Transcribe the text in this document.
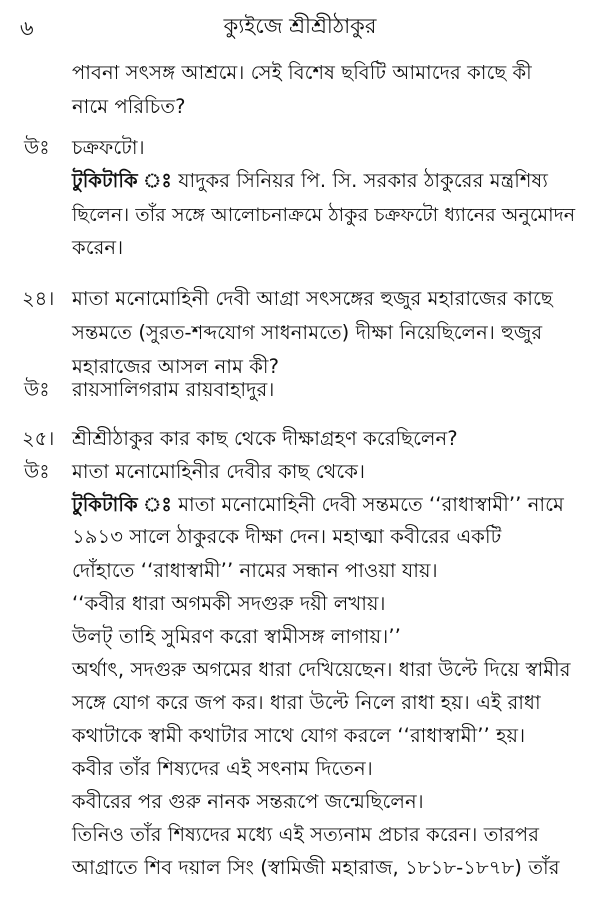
৬	ক্যুইজে শ্রীশ্রীঠাকুর
পাবনা সৎসঙ্গ আশ্রমে। সেই বিশেষ ছবিটি আমাদের কাছে কী
নামে পরিচিত?
উঃ	চক্রফটো।
টুকিটাকি ঃ যাদুকর সিনিয়র পি. সি. সরকার ঠাকুরের মন্ত্রশিষ্য
ছিলেন। তাঁর সঙ্গে আলোচনাক্রমে ঠাকুর চক্রফটো ধ্যানের অনুমোদন
করেন।
২৪। মাতা মনোমোহিনী দেবী আগ্রা সৎসঙ্গের হুজুর মহারাজের কাছে
সন্তমতে (সুরত-শব্দযোগ সাধনামতে) দীক্ষা নিয়েছিলেন। হুজুর
মহারাজের আসল নাম কী?
উঃ	রায়সালিগরাম রায়বাহাদুর।
২৫। শ্রীশ্রীঠাকুর কার কাছ থেকে দীক্ষাগ্রহণ করেছিলেন?
উঃ	মাতা মনোমোহিনীর দেবীর কাছ থেকে।
টুকিটাকি ঃ মাতা মনোমোহিনী দেবী সন্তমতে ‘‘রাধাস্বামী’’ নামে
১৯১৩ সালে ঠাকুরকে দীক্ষা দেন। মহাত্মা কবীরের একটি
দোঁহাতে ‘‘রাধাস্বামী’’ নামের সন্ধান পাওয়া যায়।
‘‘কবীর ধারা অগমকী সদগুরু দয়ী লখায়।
উলট্ তাহি সুমিরণ করো স্বামীসঙ্গ লাগায়।’’
অর্থাৎ, সদগুরু অগমের ধারা দেখিয়েছেন। ধারা উল্টে দিয়ে স্বামীর
সঙ্গে যোগ করে জপ কর। ধারা উল্টে নিলে রাধা হয়। এই রাধা
কথাটাকে স্বামী কথাটার সাথে যোগ করলে ‘‘রাধাস্বামী’’ হয়।
কবীর তাঁর শিষ্যদের এই সৎনাম দিতেন।
কবীরের পর গুরু নানক সন্তরূপে জন্মেছিলেন।
তিনিও তাঁর শিষ্যদের মধ্যে এই সত্যনাম প্রচার করেন। তারপর
আগ্রাতে শিব দয়াল সিং (স্বামিজী মহারাজ, ১৮১৮-১৮৭৮) তাঁর
